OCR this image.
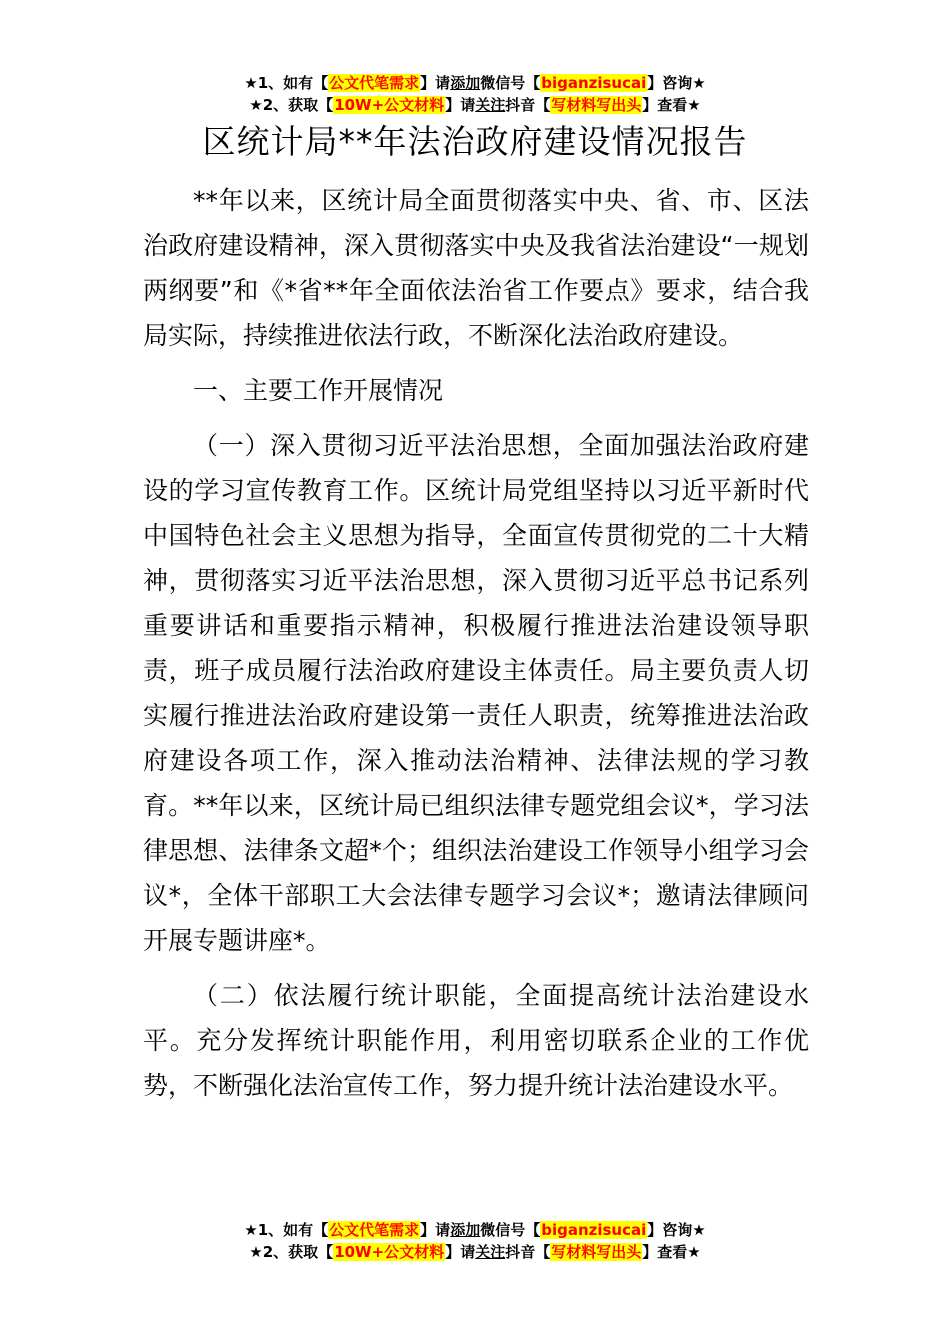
★1、如有【公文代笔需求】请添加微信号【biganzisucai】咨询★
★2、获取【10W+公文材料】请关注抖音【写材料写出头】查看★
区统计局**年法治政府建设情况报告

**年以来，区统计局全面贯彻落实中央、省、市、区法治政府建设精神，深入贯彻落实中央及我省法治建设“一规划两纲要”和《*省**年全面依法治省工作要点》要求，结合我局实际，持续推进依法行政，不断深化法治政府建设。

一、主要工作开展情况

（一）深入贯彻习近平法治思想，全面加强法治政府建设的学习宣传教育工作。区统计局党组坚持以习近平新时代中国特色社会主义思想为指导，全面宣传贯彻党的二十大精神，贯彻落实习近平法治思想，深入贯彻习近平总书记系列重要讲话和重要指示精神，积极履行推进法治建设领导职责，班子成员履行法治政府建设主体责任。局主要负责人切实履行推进法治政府建设第一责任人职责，统筹推进法治政府建设各项工作，深入推动法治精神、法律法规的学习教育。**年以来，区统计局已组织法律专题党组会议*，学习法律思想、法律条文超*个；组织法治建设工作领导小组学习会议*，全体干部职工大会法律专题学习会议*；邀请法律顾问开展专题讲座*。

（二）依法履行统计职能，全面提高统计法治建设水平。充分发挥统计职能作用，利用密切联系企业的工作优势，不断强化法治宣传工作，努力提升统计法治建设水平。

★1、如有【公文代笔需求】请添加微信号【biganzisucai】咨询★
★2、获取【10W+公文材料】请关注抖音【写材料写出头】查看★
